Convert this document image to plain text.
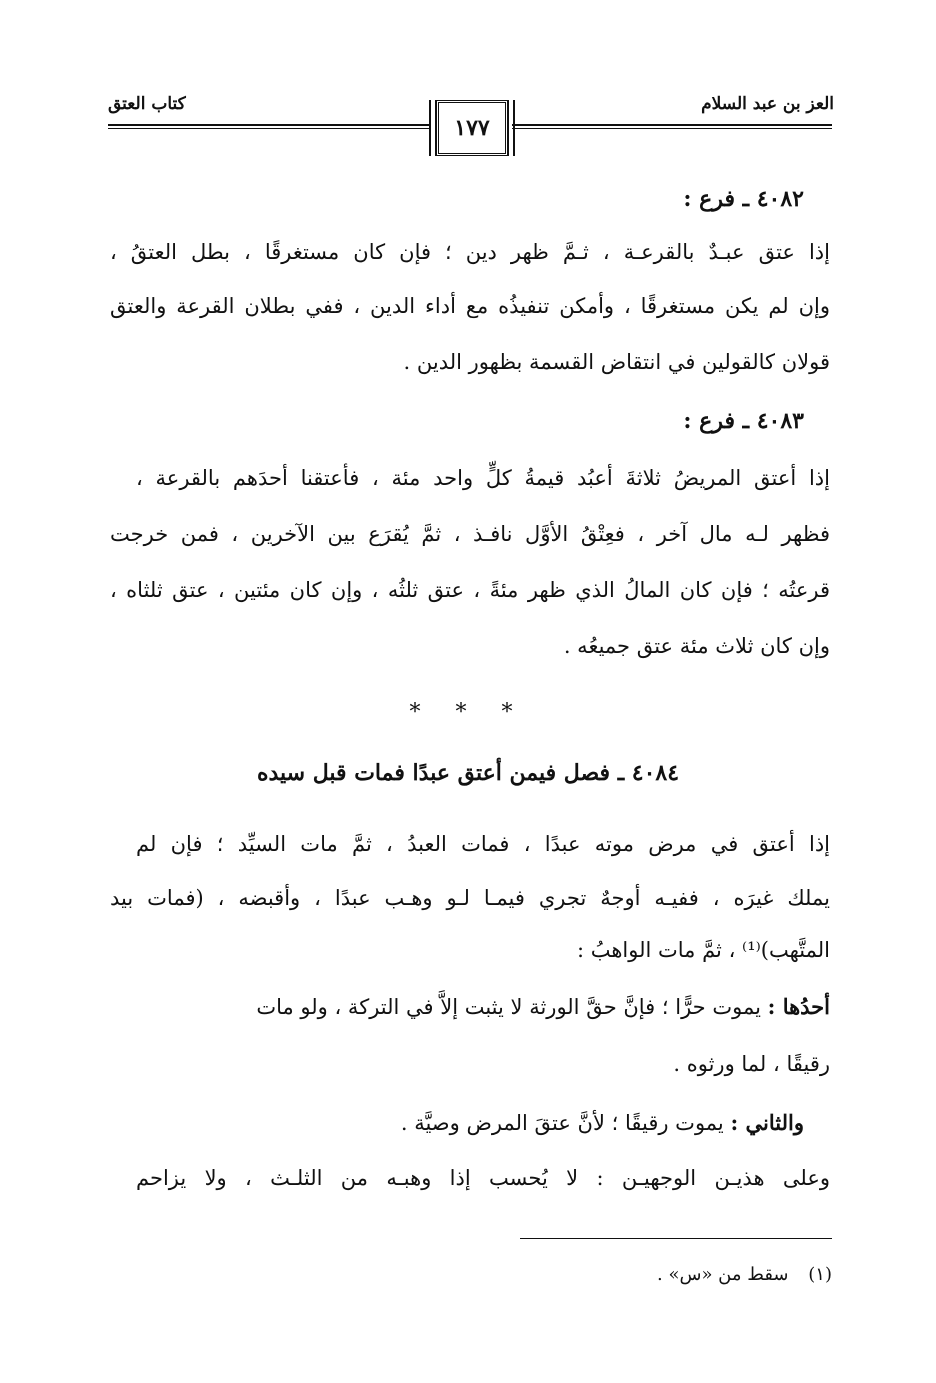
العز بن عبد السلام
كتاب العتق
١٧٧
٤٠٨٢ ـ فرع :
إذا عتق عبـدٌ بالقرعـة ، ثـمَّ ظهر دين ؛ فإن كان مستغرقًا ، بطل العتقُ ،
وإن لم يكن مستغرقًا ، وأمكن تنفيذُه مع أداء الدين ، ففي بطلان القرعة والعتق
قولان كالقولين في انتقاض القسمة بظهور الدين .
٤٠٨٣ ـ فرع :
إذا أعتق المريضُ ثلاثةَ أعبُد قيمةُ كلٍّ واحد مئة ، فأعتقنا أحدَهم بالقرعة ،
فظهر لـه مال آخر ، فعِتْقُ الأوَّل نافـذ ، ثمَّ يُقرَع بين الآخرين ، فمن خرجت
قرعتُه ؛ فإن كان المالُ الذي ظهر مئةً ، عتق ثلثُه ، وإن كان مئتين ، عتق ثلثاه ،
وإن كان ثلاث مئة عتق جميعُه .
* * *
٤٠٨٤ ـ فصل فيمن أعتق عبدًا فمات قبل سيده
إذا أعتق في مرض موته عبدًا ، فمات العبدُ ، ثمَّ مات السيِّد ؛ فإن لم
يملك غيرَه ، ففيـه أوجهٌ تجري فيمـا لـو وهـب عبدًا ، وأقبضه ، (فمات بيد
المتَّهب)⁽¹⁾ ، ثمَّ مات الواهبُ :
أحدُها : يموت حرًّا ؛ فإنَّ حقَّ الورثة لا يثبت إلاَّ في التركة ، ولو مات
رقيقًا ، لما ورثوه .
والثاني : يموت رقيقًا ؛ لأنَّ عتقَ المرض وصيَّة .
وعلى هذيـن الوجهيـن : لا يُحسب إذا وهبـه من الثلـث ، ولا يزاحم
(١) سقط من «س» .
